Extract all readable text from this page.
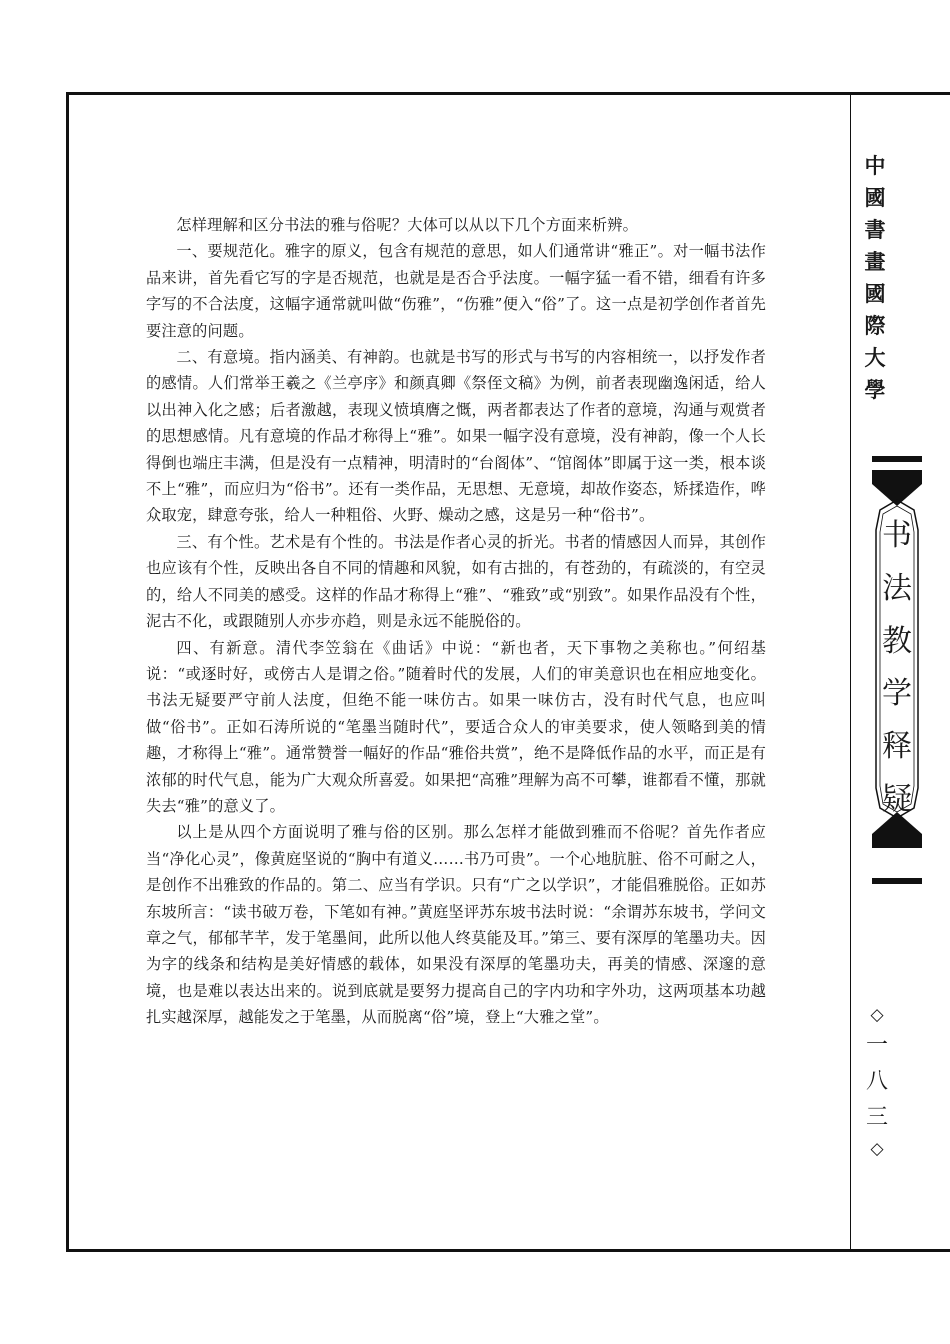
中
國
書
畫
國
際
大
學
书
法
教
学
释
疑
◇
一
八
三
◇

怎样理解和区分书法的雅与俗呢？大体可以从以下几个方面来析辨。

一、要规范化。雅字的原义，包含有规范的意思，如人们通常讲“雅正”。对一幅书法作品来讲，首先看它写的字是否规范，也就是是否合乎法度。一幅字猛一看不错，细看有许多字写的不合法度，这幅字通常就叫做“伤雅”，“伤雅”便入“俗”了。这一点是初学创作者首先要注意的问题。

二、有意境。指内涵美、有神韵。也就是书写的形式与书写的内容相统一，以抒发作者的感情。人们常举王羲之《兰亭序》和颜真卿《祭侄文稿》为例，前者表现幽逸闲适，给人以出神入化之感；后者激越，表现义愤填膺之慨，两者都表达了作者的意境，沟通与观赏者的思想感情。凡有意境的作品才称得上“雅”。如果一幅字没有意境，没有神韵，像一个人长得倒也端庄丰满，但是没有一点精神，明清时的“台阁体”、“馆阁体”即属于这一类，根本谈不上“雅”，而应归为“俗书”。还有一类作品，无思想、无意境，却故作姿态，矫揉造作，哗众取宠，肆意夸张，给人一种粗俗、火野、燥动之感，这是另一种“俗书”。

三、有个性。艺术是有个性的。书法是作者心灵的折光。书者的情感因人而异，其创作也应该有个性，反映出各自不同的情趣和风貌，如有古拙的，有苍劲的，有疏淡的，有空灵的，给人不同美的感受。这样的作品才称得上“雅”、“雅致”或“别致”。如果作品没有个性，泥古不化，或跟随别人亦步亦趋，则是永远不能脱俗的。

四、有新意。清代李笠翁在《曲话》中说：“新也者，天下事物之美称也。”何绍基说：“或逐时好，或傍古人是谓之俗。”随着时代的发展，人们的审美意识也在相应地变化。书法无疑要严守前人法度，但绝不能一味仿古。如果一味仿古，没有时代气息，也应叫做“俗书”。正如石涛所说的“笔墨当随时代”，要适合众人的审美要求，使人领略到美的情趣，才称得上“雅”。通常赞誉一幅好的作品“雅俗共赏”，绝不是降低作品的水平，而正是有浓郁的时代气息，能为广大观众所喜爱。如果把“高雅”理解为高不可攀，谁都看不懂，那就失去“雅”的意义了。

以上是从四个方面说明了雅与俗的区别。那么怎样才能做到雅而不俗呢？首先作者应当“净化心灵”，像黄庭坚说的“胸中有道义……书乃可贵”。一个心地肮脏、俗不可耐之人，是创作不出雅致的作品的。第二、应当有学识。只有“广之以学识”，才能倡雅脱俗。正如苏东坡所言：“读书破万卷，下笔如有神。”黄庭坚评苏东坡书法时说：“余谓苏东坡书，学问文章之气，郁郁芊芊，发于笔墨间，此所以他人终莫能及耳。”第三、要有深厚的笔墨功夫。因为字的线条和结构是美好情感的载体，如果没有深厚的笔墨功夫，再美的情感、深邃的意境，也是难以表达出来的。说到底就是要努力提高自己的字内功和字外功，这两项基本功越扎实越深厚，越能发之于笔墨，从而脱离“俗”境，登上“大雅之堂”。
